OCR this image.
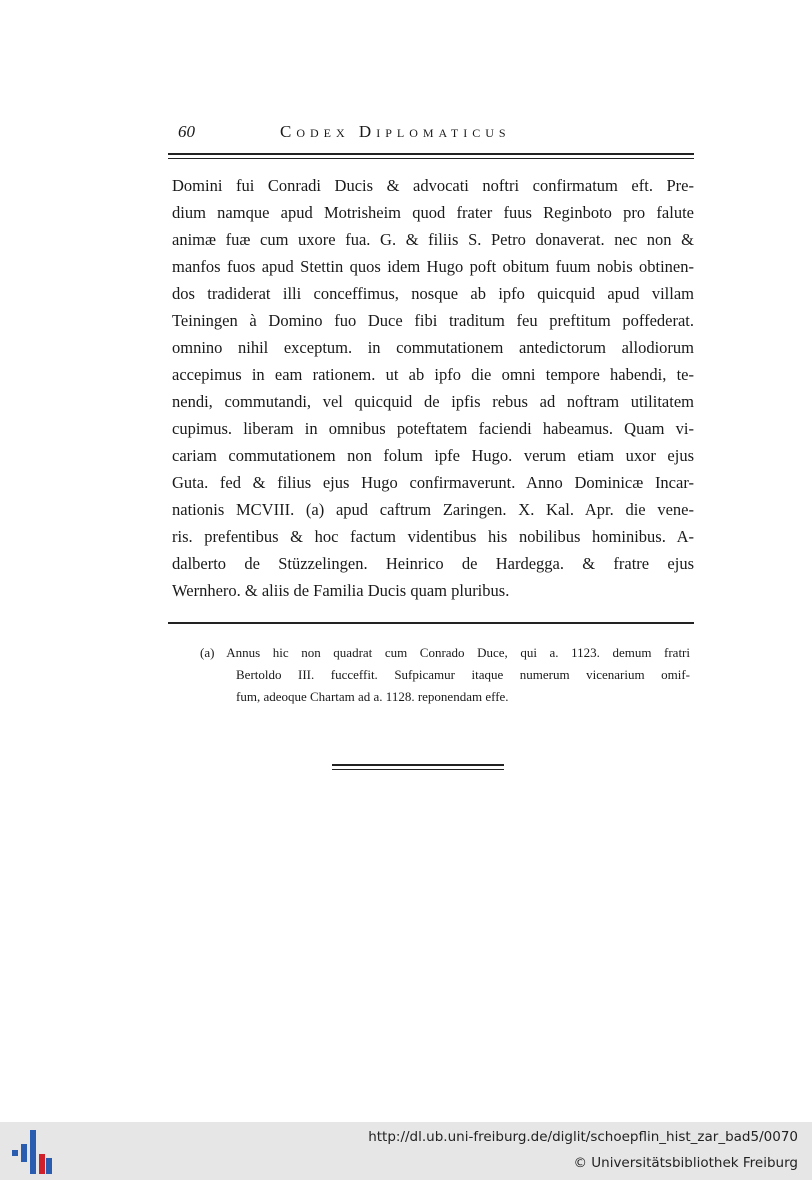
60	Codex Diplomaticus
Domini fui Conradi Ducis & advocati noftri confirmatum eft. Pre-
dium namque apud Motrisheim quod frater fuus Reginboto pro falute
animæ fuæ cum uxore fua. G. & filiis S. Petro donaverat. nec non &
manfos fuos apud Stettin quos idem Hugo poft obitum fuum nobis obtinen-
dos tradiderat illi conceffimus, nosque ab ipfo quicquid apud villam
Teiningen à Domino fuo Duce fibi traditum feu preftitum poffederat.
omnino nihil exceptum. in commutationem antedictorum allodiorum
accepimus in eam rationem. ut ab ipfo die omni tempore habendi, te-
nendi, commutandi, vel quicquid de ipfis rebus ad noftram utilitatem
cupimus. liberam in omnibus poteftatem faciendi habeamus. Quam vi-
cariam commutationem non folum ipfe Hugo. verum etiam uxor ejus
Guta. fed & filius ejus Hugo confirmaverunt. Anno Dominicæ Incar-
nationis MCVIII. (a) apud caftrum Zaringen. X. Kal. Apr. die vene-
ris. prefentibus & hoc factum videntibus his nobilibus hominibus. A-
dalberto de Stüzzelingen. Heinrico de Hardegga. & fratre ejus
Wernhero. & aliis de Familia Ducis quam pluribus.
(a) Annus hic non quadrat cum Conrado Duce, qui a. 1123. demum fratri
Bertoldo III. fucceffit. Sufpicamur itaque numerum vicenarium omif-
fum, adeoque Chartam ad a. 1128. reponendam effe.
http://dl.ub.uni-freiburg.de/diglit/schoepflin_hist_zar_bad5/0070
© Universitätsbibliothek Freiburg
